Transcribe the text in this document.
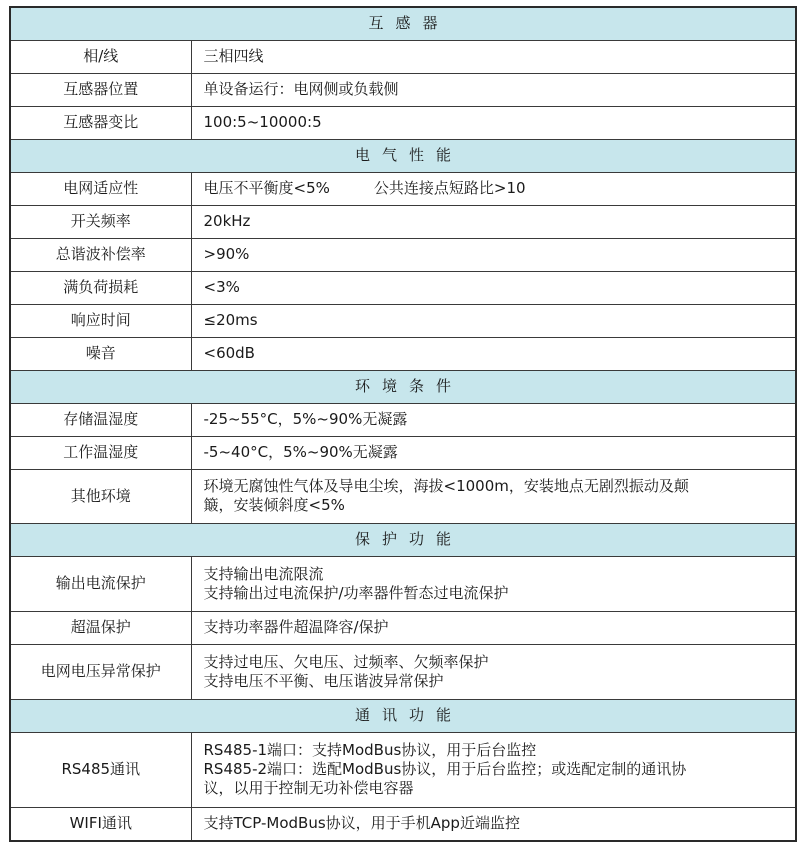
互感器	
相/线	三相四线

互感器位置	单设备运行：电网侧或负载侧

互感器变比	100:5~10000:5

电气性能	
电网适应性	电压不平衡度<5% 公共连接点短路比>10
开关频率	20kHz

总谐波补偿率	>90%

满负荷损耗	<3%

响应时间	≤20ms

噪音	<60dB

环境条件	
存储温湿度	-25~55°C，5%~90%无凝露

工作温湿度	-5~40°C，5%~90%无凝露

其他环境	环境无腐蚀性气体及导电尘埃，海拔<1000m，安装地点无剧烈振动及颠
簸，安装倾斜度<5%

保护功能	
输出电流保护	支持输出电流限流
支持输出过电流保护/功率器件暂态过电流保护

超温保护	支持功率器件超温降容/保护

电网电压异常保护	支持过电压、欠电压、过频率、欠频率保护
支持电压不平衡、电压谐波异常保护

通讯功能	
RS485通讯	RS485-1端口：支持ModBus协议，用于后台监控
RS485-2端口：选配ModBus协议，用于后台监控；或选配定制的通讯协
议，以用于控制无功补偿电容器

WIFI通讯	支持TCP-ModBus协议，用于手机App近端监控
